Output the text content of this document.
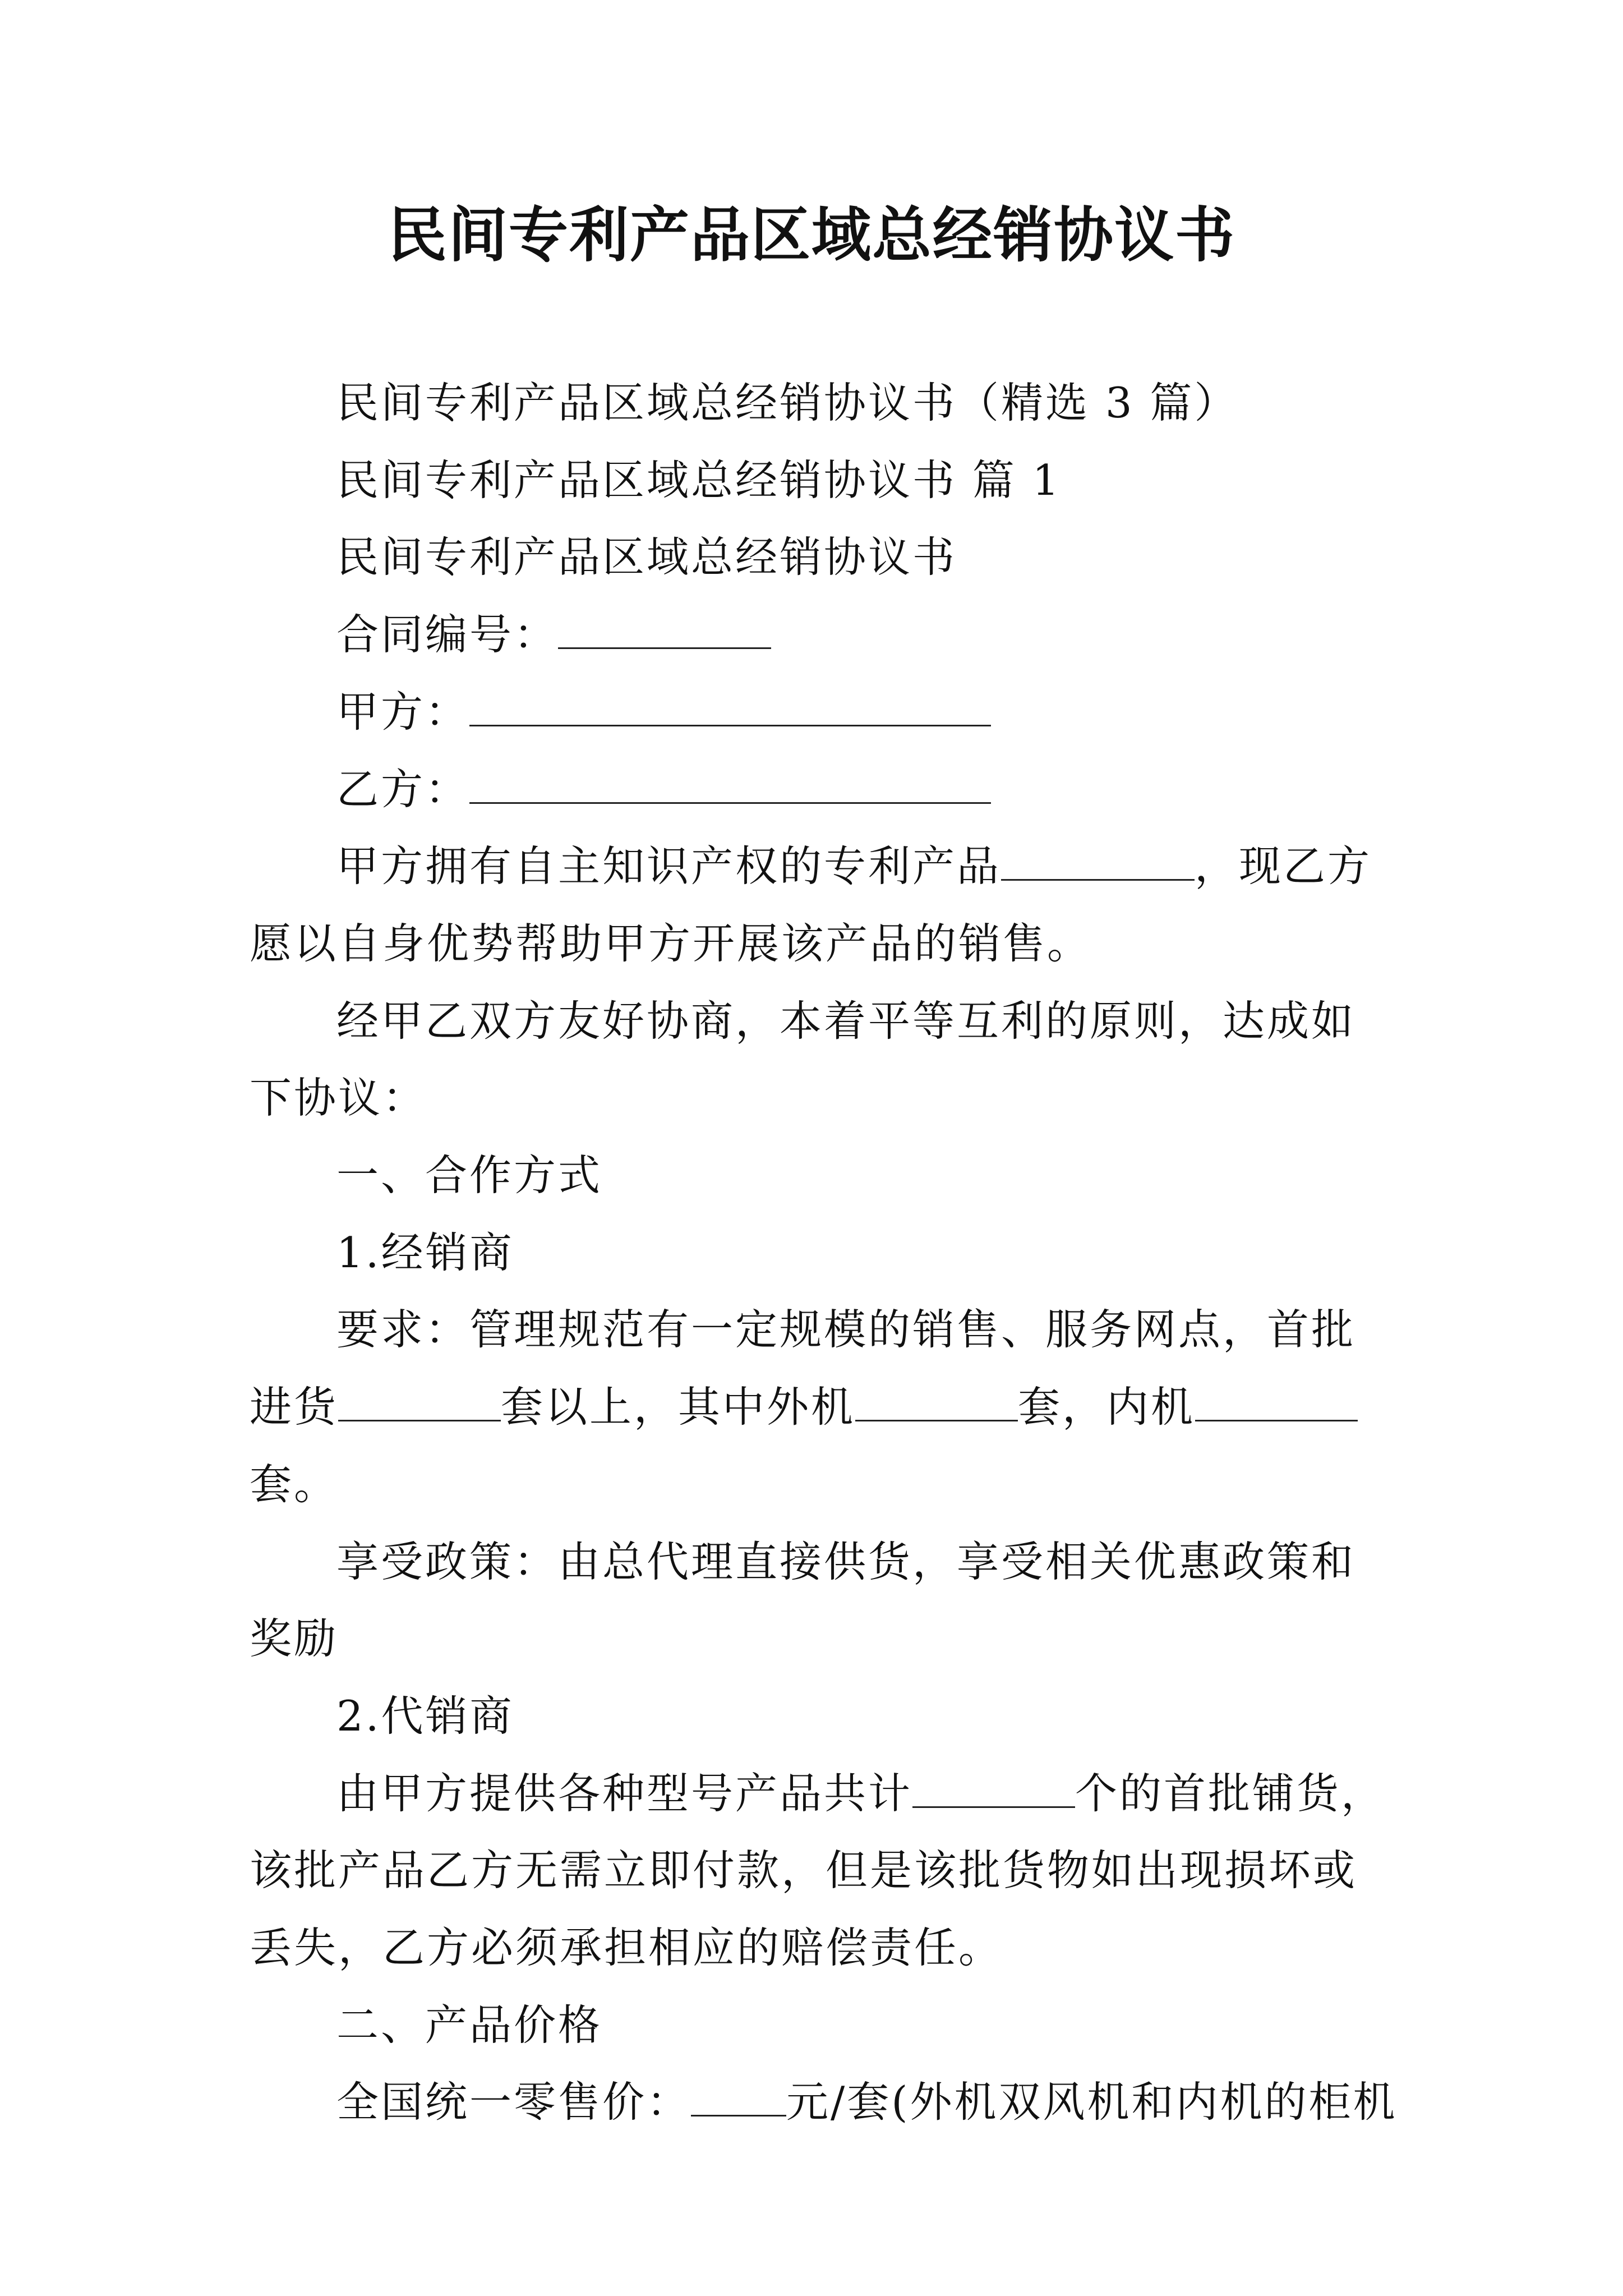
民间专利产品区域总经销协议书

民间专利产品区域总经销协议书（精选 3 篇）

民间专利产品区域总经销协议书 篇 1

民间专利产品区域总经销协议书

合同编号：

甲方：

乙方：

甲方拥有自主知识产权的专利产品	，现乙方愿以自身优势帮助甲方开展该产品的销售。

经甲乙双方友好协商，本着平等互利的原则，达成如下协议：

一、合作方式

1.经销商

要求：管理规范有一定规模的销售、服务网点，首批进货	套以上，其中外机	套，内机套。

享受政策：由总代理直接供货，享受相关优惠政策和奖励

2.代销商

由甲方提供各种型号产品共计	个的首批铺货，该批产品乙方无需立即付款，但是该批货物如出现损坏或丢失，乙方必须承担相应的赔偿责任。

二、产品价格

全国统一零售价： 元/套(外机双风机和内机的柜机
